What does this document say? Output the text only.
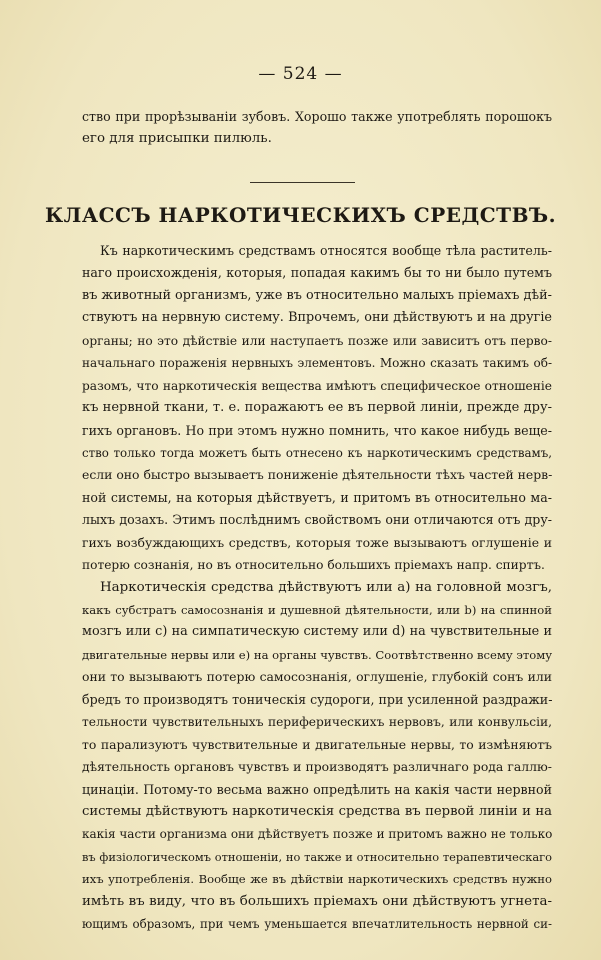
— 524 —
ство при прорѣзываніи зубовъ. Хорошо также употреблять порошокъ
его для присыпки пилюль.
КЛАССЪ НАРКОТИЧЕСКИХЪ СРЕДСТВЪ.
Къ наркотическимъ средствамъ относятся вообще тѣла раститель-
наго происхожденія, которыя, попадая какимъ бы то ни было путемъ
въ животный организмъ, уже въ относительно малыхъ пріемахъ дѣй-
ствуютъ на нервную систему. Впрочемъ, они дѣйствуютъ и на другіе
органы; но это дѣйствіе или наступаетъ позже или зависитъ отъ перво-
начальнаго пораженія нервныхъ элементовъ. Можно сказать такимъ об-
разомъ, что наркотическія вещества имѣютъ специфическое отношеніе
къ нервной ткани, т. е. поражаютъ ее въ первой линіи, прежде дру-
гихъ органовъ. Но при этомъ нужно помнить, что какое нибудь веще-
ство только тогда можетъ быть отнесено къ наркотическимъ средствамъ,
если оно быстро вызываетъ пониженіе дѣятельности тѣхъ частей нерв-
ной системы, на которыя дѣйствуетъ, и притомъ въ относительно ма-
лыхъ дозахъ. Этимъ послѣднимъ свойствомъ они отличаются отъ дру-
гихъ возбуждающихъ средствъ, которыя тоже вызываютъ оглушеніе и
потерю сознанія, но въ относительно большихъ пріемахъ напр. спиртъ.
Наркотическія средства дѣйствуютъ или а) на головной мозгъ,
какъ субстратъ самосознанія и душевной дѣятельности, или b) на спинной
мозгъ или с) на симпатическую систему или d) на чувствительные и
двигательные нервы или е) на органы чувствъ. Соотвѣтственно всему этому
они то вызываютъ потерю самосознанія, оглушеніе, глубокій сонъ или
бредъ то производятъ тоническія судороги, при усиленной раздражи-
тельности чувствительныхъ периферическихъ нервовъ, или конвульсіи,
то парализуютъ чувствительные и двигательные нервы, то измѣняютъ
дѣятельность органовъ чувствъ и производятъ различнаго рода галлю-
цинаціи. Потому-то весьма важно опредѣлить на какія части нервной
системы дѣйствуютъ наркотическія средства въ первой линіи и на
какія части организма они дѣйствуетъ позже и притомъ важно не только
въ физіологическомъ отношеніи, но также и относительно терапевтическаго
ихъ употребленія. Вообще же въ дѣйствіи наркотическихъ средствъ нужно
имѣть въ виду, что въ большихъ пріемахъ они дѣйствуютъ угнета-
ющимъ образомъ, при чемъ уменьшается впечатлительность нервной си-
